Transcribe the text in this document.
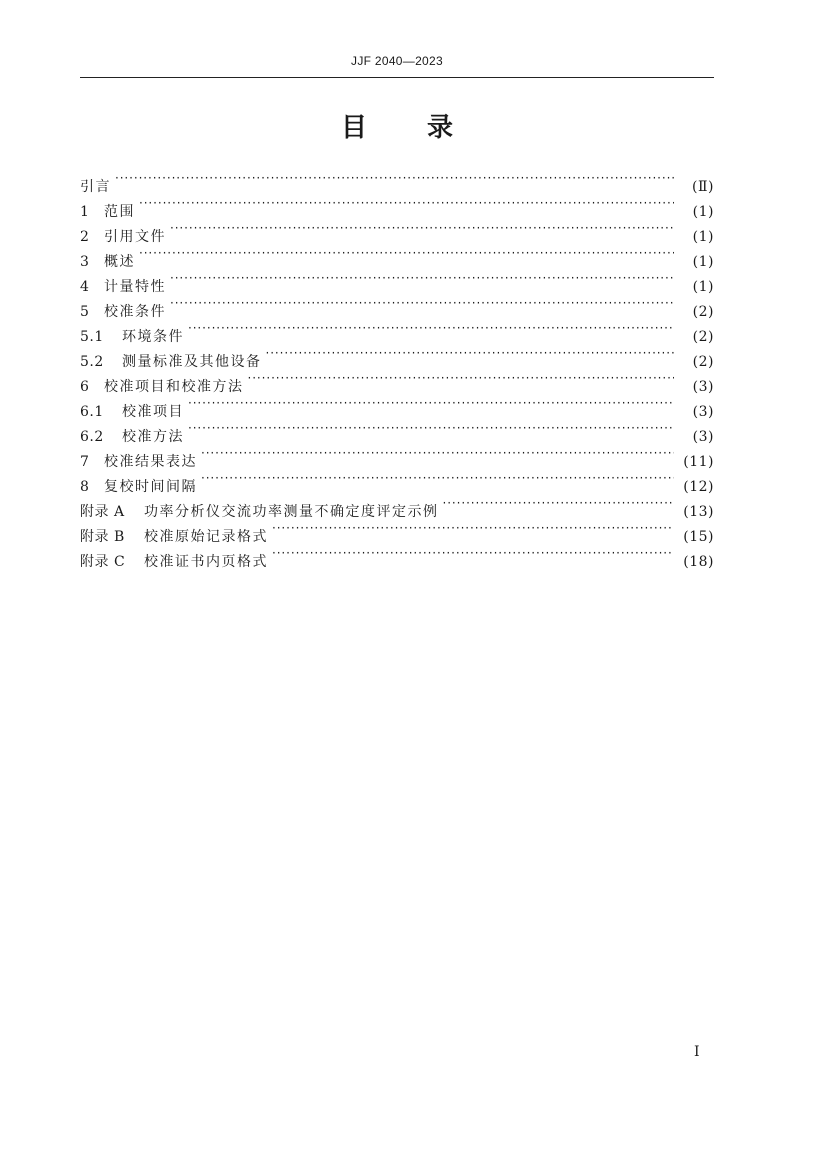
JJF 2040—2023
目 录
引言 ·····	(Ⅱ)
1	范围 ·····	(1)
2	引用文件 ·····	(1)
3	概述 ·····	(1)
4	计量特性 ·····	(1)
5	校准条件 ·····	(2)
5.1	环境条件 ·····	(2)
5.2	测量标准及其他设备 ·····	(2)
6	校准项目和校准方法 ·····	(3)
6.1	校准项目 ·····	(3)
6.2	校准方法 ·····	(3)
7	校准结果表达 ·····	(11)
8	复校时间间隔 ·····	(12)
附录 A	功率分析仪交流功率测量不确定度评定示例 ·····	(13)
附录 B	校准原始记录格式 ·····	(15)
附录 C	校准证书内页格式 ·····	(18)
Ⅰ
